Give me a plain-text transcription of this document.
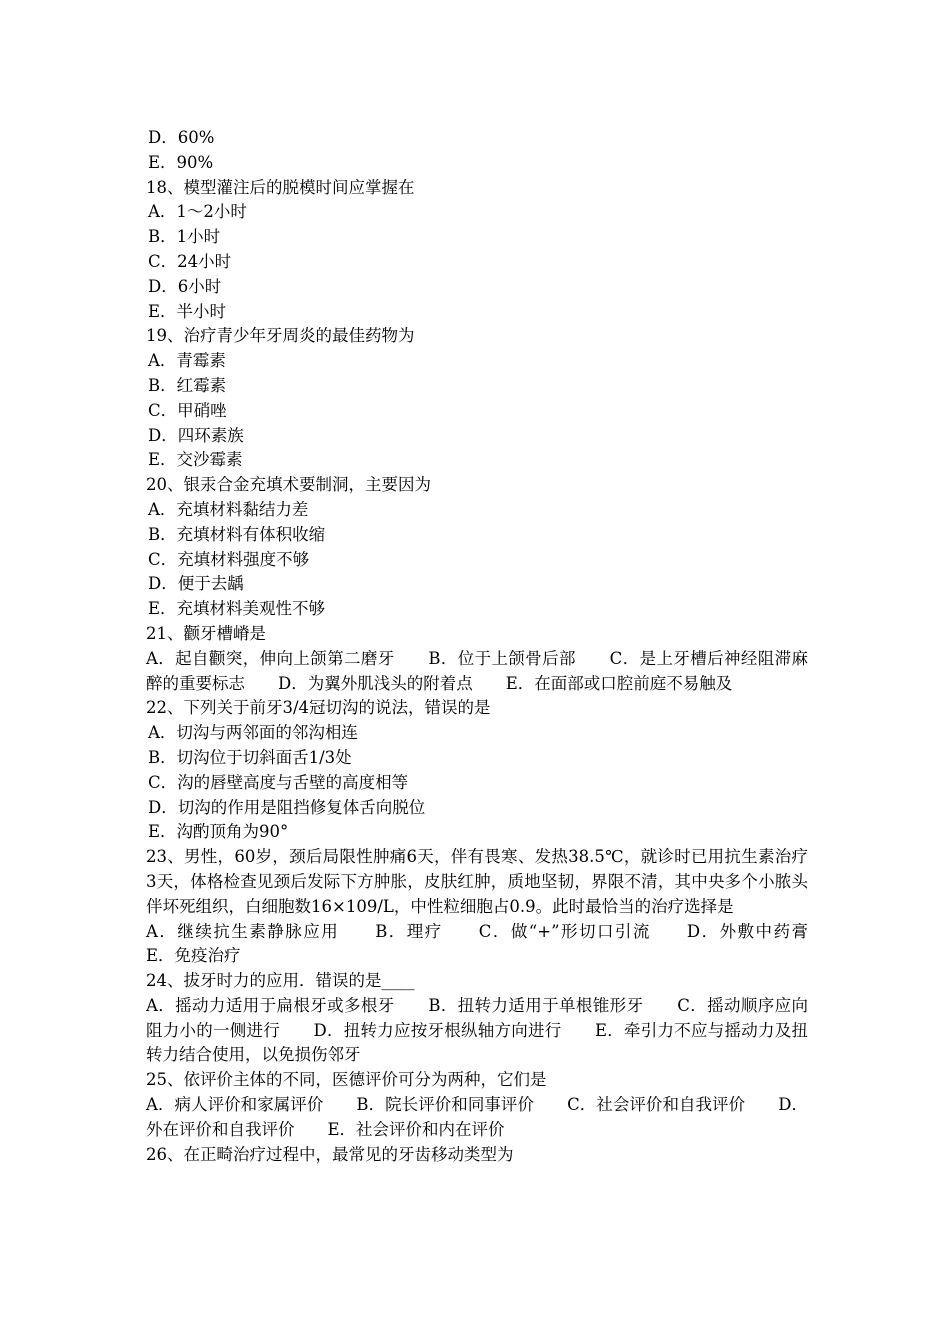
D．60%
E．90%
18、模型灌注后的脱模时间应掌握在
A．1～2小时
B．1小时
C．24小时
D．6小时
E．半小时
19、治疗青少年牙周炎的最佳药物为
A．青霉素
B．红霉素
C．甲硝唑
D．四环素族
E．交沙霉素
20、银汞合金充填术要制洞，主要因为
A．充填材料黏结力差
B．充填材料有体积收缩
C．充填材料强度不够
D．便于去龋
E．充填材料美观性不够
21、颧牙槽嵴是
A．起自颧突，伸向上颌第二磨牙　　B．位于上颌骨后部　　C．是上牙槽后神经阻滞麻醉的重要标志　　D．为翼外肌浅头的附着点　　E．在面部或口腔前庭不易触及
22、下列关于前牙3/4冠切沟的说法，错误的是
A．切沟与两邻面的邻沟相连
B．切沟位于切斜面舌1/3处
C．沟的唇壁高度与舌壁的高度相等
D．切沟的作用是阻挡修复体舌向脱位
E．沟酌顶角为90°
23、男性，60岁，颈后局限性肿痛6天，伴有畏寒、发热38.5℃，就诊时已用抗生素治疗3天，体格检查见颈后发际下方肿胀，皮肤红肿，质地坚韧，界限不清，其中央多个小脓头伴坏死组织，白细胞数16×109/L，中性粒细胞占0.9。此时最恰当的治疗选择是
A．继续抗生素静脉应用　　B．理疗　　C．做“+”形切口引流　　D．外敷中药膏　　E．免疫治疗
24、拔牙时力的应用．错误的是____
A．摇动力适用于扁根牙或多根牙　　B．扭转力适用于单根锥形牙　　C．摇动顺序应向阻力小的一侧进行　　D．扭转力应按牙根纵轴方向进行　　E．牵引力不应与摇动力及扭转力结合使用，以免损伤邻牙
25、依评价主体的不同，医德评价可分为两种，它们是
A．病人评价和家属评价　　B．院长评价和同事评价　　C．社会评价和自我评价　　D．外在评价和自我评价　　E．社会评价和内在评价
26、在正畸治疗过程中，最常见的牙齿移动类型为
